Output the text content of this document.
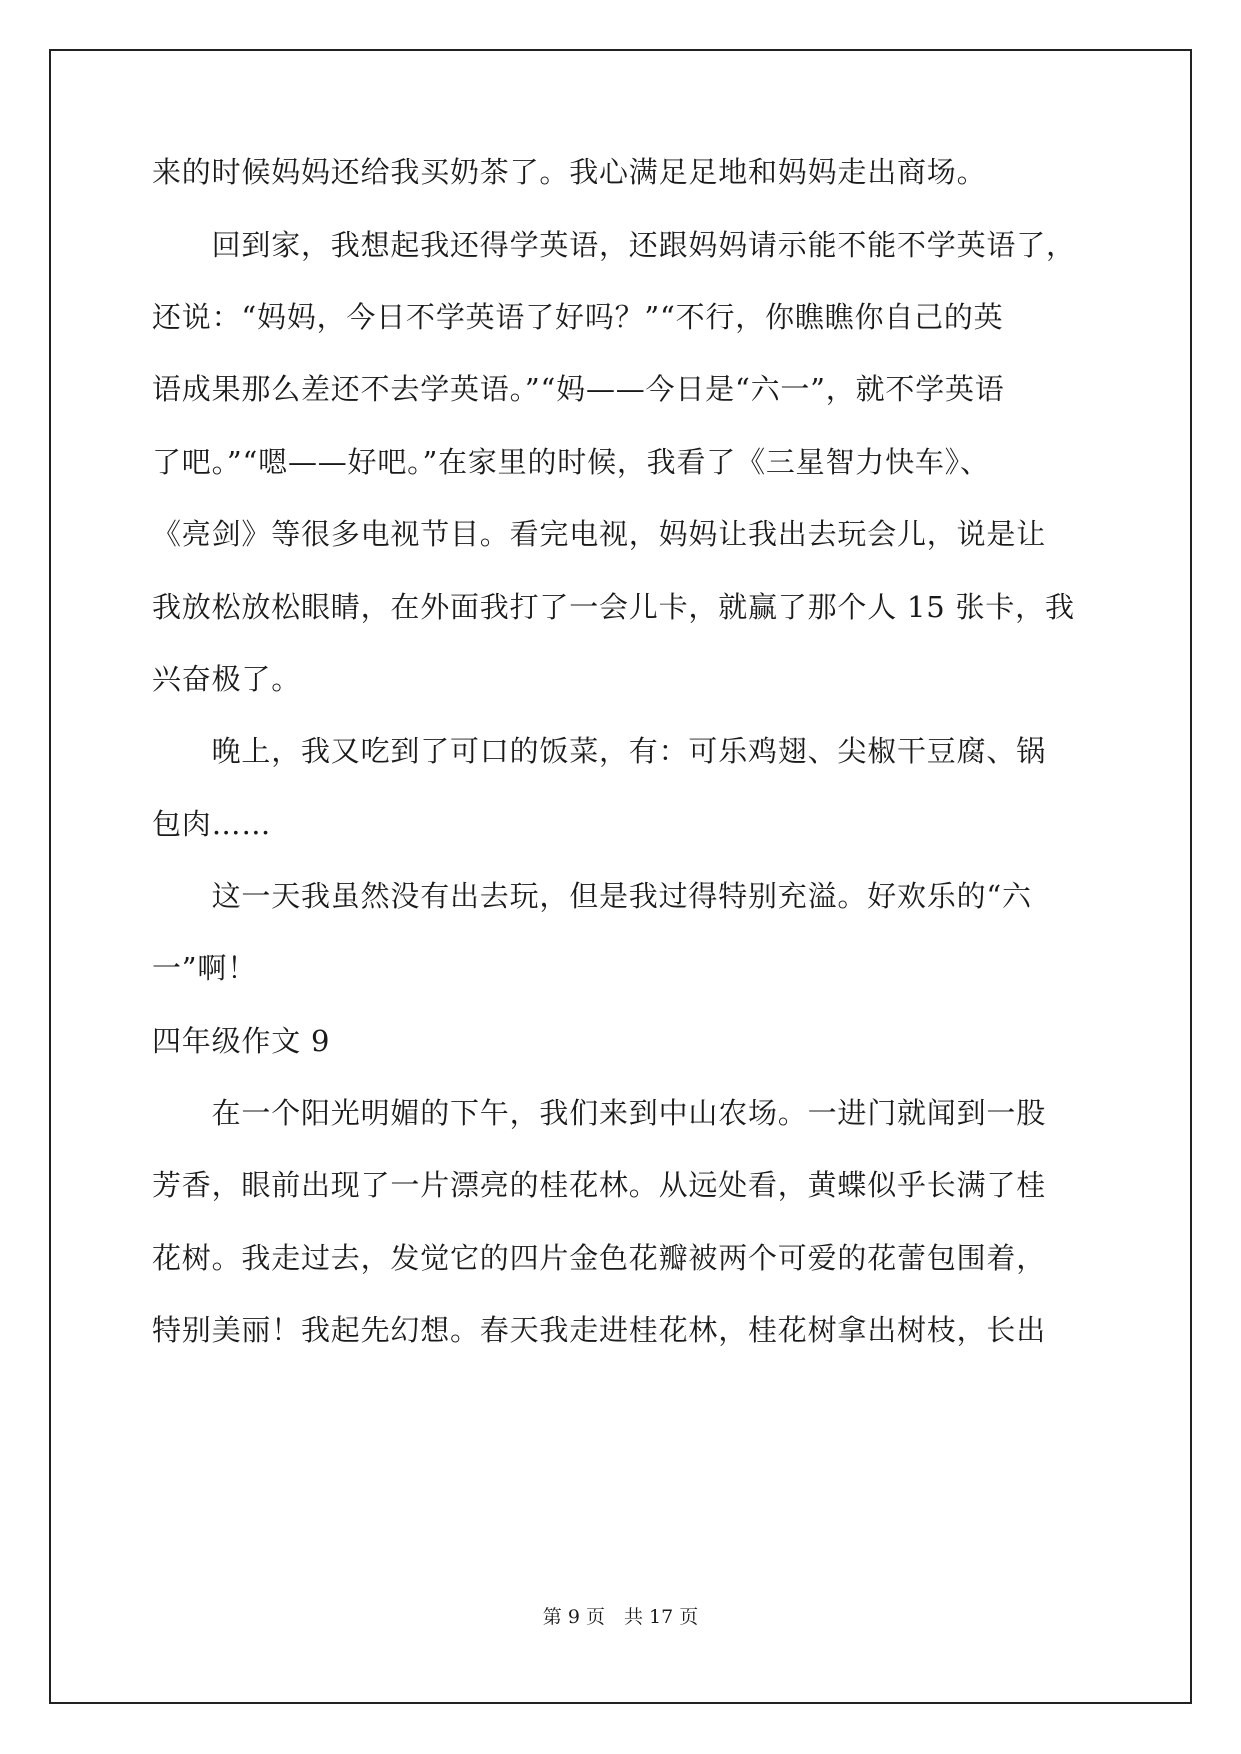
来的时候妈妈还给我买奶茶了。我心满足足地和妈妈走出商场。
　　回到家，我想起我还得学英语，还跟妈妈请示能不能不学英语了，
还说：“妈妈，今日不学英语了好吗？”“不行，你瞧瞧你自己的英
语成果那么差还不去学英语。”“妈——今日是“六一”，就不学英语
了吧。”“嗯——好吧。”在家里的时候，我看了《三星智力快车》、
《亮剑》等很多电视节目。看完电视，妈妈让我出去玩会儿，说是让
我放松放松眼睛，在外面我打了一会儿卡，就赢了那个人 15 张卡，我
兴奋极了。
　　晚上，我又吃到了可口的饭菜，有：可乐鸡翅、尖椒干豆腐、锅
包肉……
　　这一天我虽然没有出去玩，但是我过得特别充溢。好欢乐的“六
一”啊！
四年级作文 9
　　在一个阳光明媚的下午，我们来到中山农场。一进门就闻到一股
芳香，眼前出现了一片漂亮的桂花林。从远处看，黄蝶似乎长满了桂
花树。我走过去，发觉它的四片金色花瓣被两个可爱的花蕾包围着，
特别美丽！我起先幻想。春天我走进桂花林，桂花树拿出树枝，长出
第 9 页　共 17 页
